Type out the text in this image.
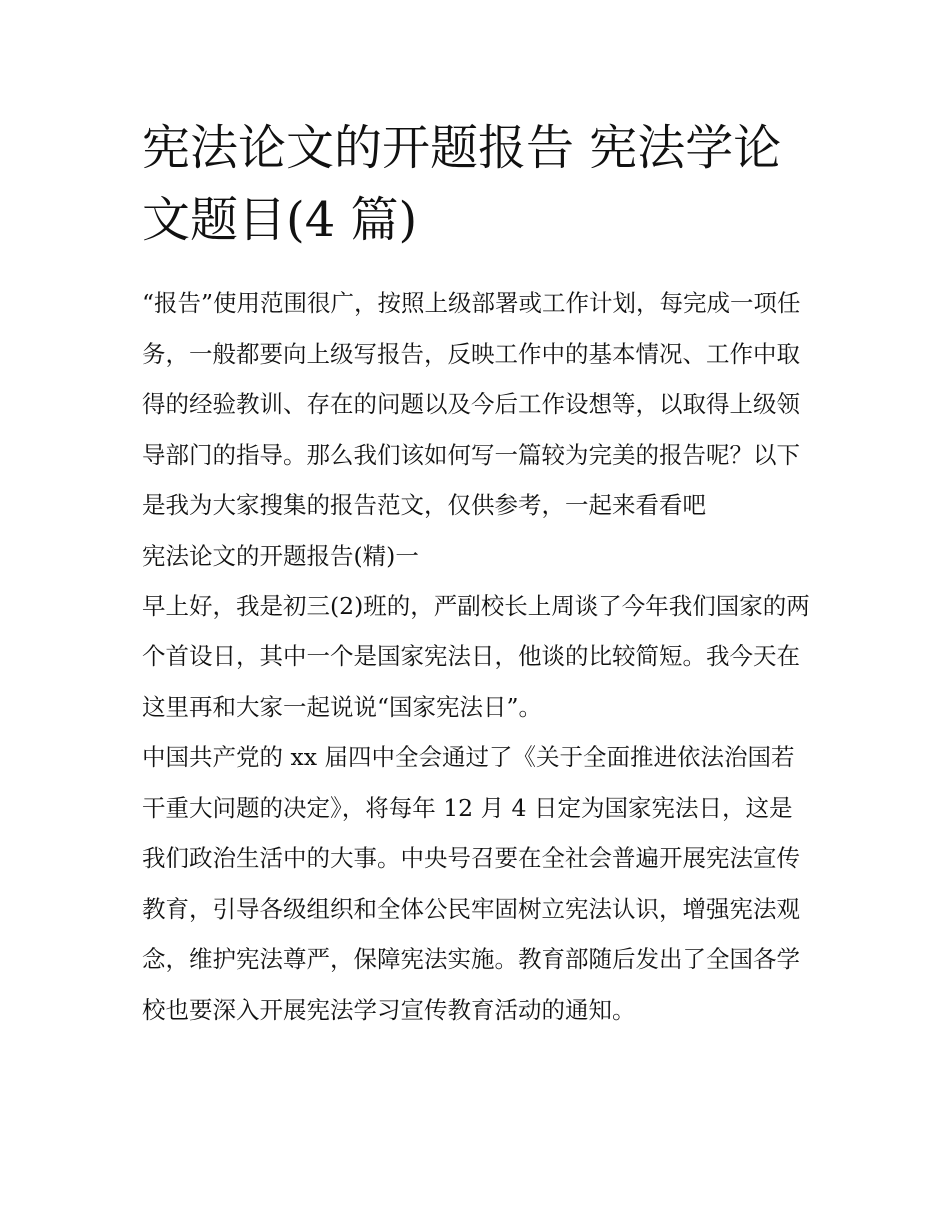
宪法论文的开题报告 宪法学论文题目(4 篇)

“报告”使用范围很广，按照上级部署或工作计划，每完成一项任务，一般都要向上级写报告，反映工作中的基本情况、工作中取得的经验教训、存在的问题以及今后工作设想等，以取得上级领导部门的指导。那么我们该如何写一篇较为完美的报告呢？以下是我为大家搜集的报告范文，仅供参考，一起来看看吧

宪法论文的开题报告(精)一

早上好，我是初三(2)班的，严副校长上周谈了今年我们国家的两个首设日，其中一个是国家宪法日，他谈的比较简短。我今天在这里再和大家一起说说“国家宪法日”。

中国共产党的 xx 届四中全会通过了《关于全面推进依法治国若干重大问题的决定》，将每年 12 月 4 日定为国家宪法日，这是我们政治生活中的大事。中央号召要在全社会普遍开展宪法宣传教育，引导各级组织和全体公民牢固树立宪法认识，增强宪法观念，维护宪法尊严，保障宪法实施。教育部随后发出了全国各学校也要深入开展宪法学习宣传教育活动的通知。
